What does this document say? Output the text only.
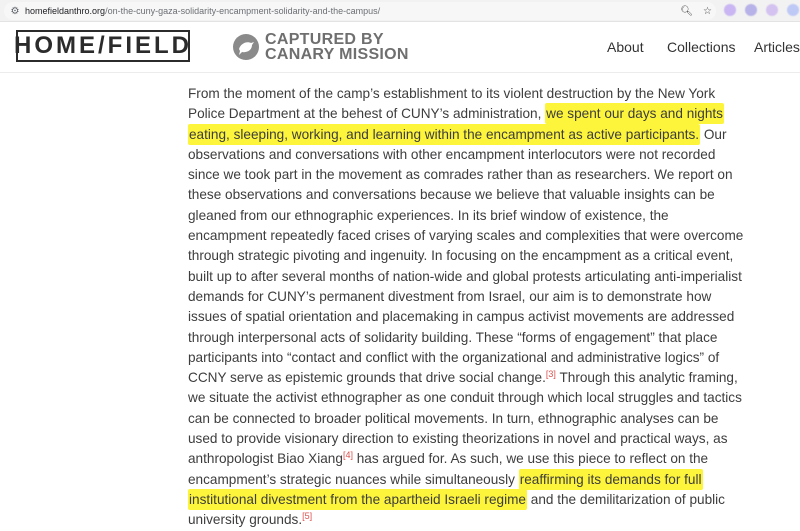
⚙ homefieldanthro.org /on-the-cuny-gaza-solidarity-encampment-solidarity-and-the-campus/	🔍︎ ☆
HOME/FIELD	CAPTURED BY
CANARY MISSION	About Collections Articles

From the moment of the camp’s establishment to its violent destruction by the New York Police Department at the behest of CUNY’s administration, we spent our days and nights eating, sleeping, working, and learning within the encampment as active participants. Our observations and conversations with other encampment interlocutors were not recorded since we took part in the movement as comrades rather than as researchers. We report on these observations and conversations because we believe that valuable insights can be gleaned from our ethnographic experiences. In its brief window of existence, the encampment repeatedly faced crises of varying scales and complexities that were overcome through strategic pivoting and ingenuity. In focusing on the encampment as a critical event, built up to after several months of nation-wide and global protests articulating anti-imperialist demands for CUNY’s permanent divestment from Israel, our aim is to demonstrate how issues of spatial orientation and placemaking in campus activist movements are addressed through interpersonal acts of solidarity building. These “forms of engagement” that place participants into “contact and conflict with the organizational and administrative logics” of CCNY serve as epistemic grounds that drive social change.[3] Through this analytic framing, we situate the activist ethnographer as one conduit through which local struggles and tactics can be connected to broader political movements. In turn, ethnographic analyses can be used to provide visionary direction to existing theorizations in novel and practical ways, as anthropologist Biao Xiang[4] has argued for. As such, we use this piece to reflect on the encampment’s strategic nuances while simultaneously reaffirming its demands for full institutional divestment from the apartheid Israeli regime and the demilitarization of public university grounds.[5]
